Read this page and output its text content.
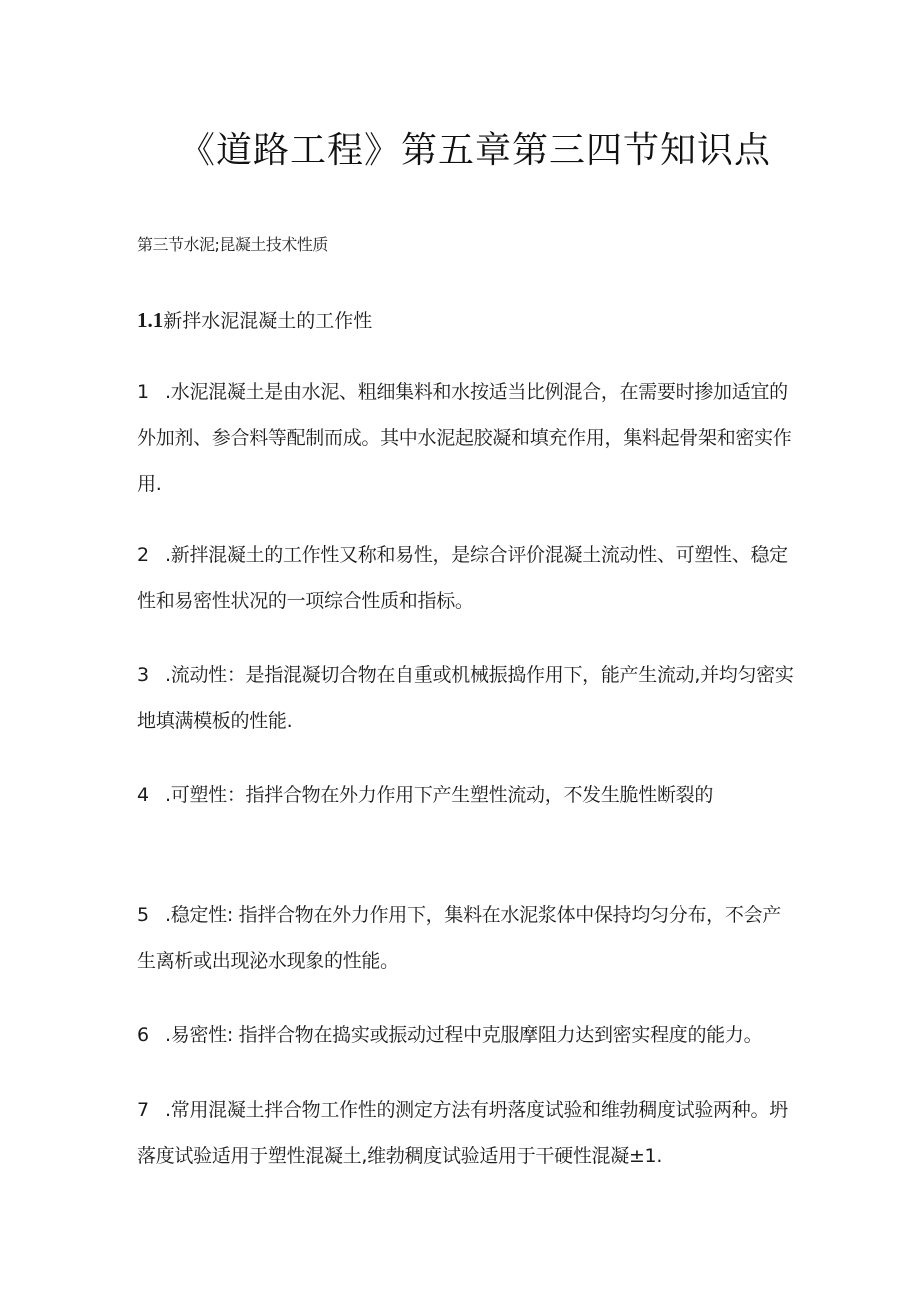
《道路工程》第五章第三四节知识点

第三节水泥;昆凝土技术性质

1.1新拌水泥混凝土的工作性

1 .水泥混凝土是由水泥、粗细集料和水按适当比例混合，在需要时掺加适宜的外加剂、参合料等配制而成。其中水泥起胶凝和填充作用，集料起骨架和密实作用.

2 .新拌混凝土的工作性又称和易性，是综合评价混凝土流动性、可塑性、稳定性和易密性状况的一项综合性质和指标。

3 .流动性：是指混凝切合物在自重或机械振捣作用下，能产生流动,并均匀密实地填满模板的性能.

4 .可塑性：指拌合物在外力作用下产生塑性流动，不发生脆性断裂的

5 .稳定性: 指拌合物在外力作用下，集料在水泥浆体中保持均匀分布，不会产生离析或出现泌水现象的性能。

6 .易密性: 指拌合物在捣实或振动过程中克服摩阻力达到密实程度的能力。

7 .常用混凝土拌合物工作性的测定方法有坍落度试验和维勃稠度试验两种。坍落度试验适用于塑性混凝土,维勃稠度试验适用于干硬性混凝±1.
